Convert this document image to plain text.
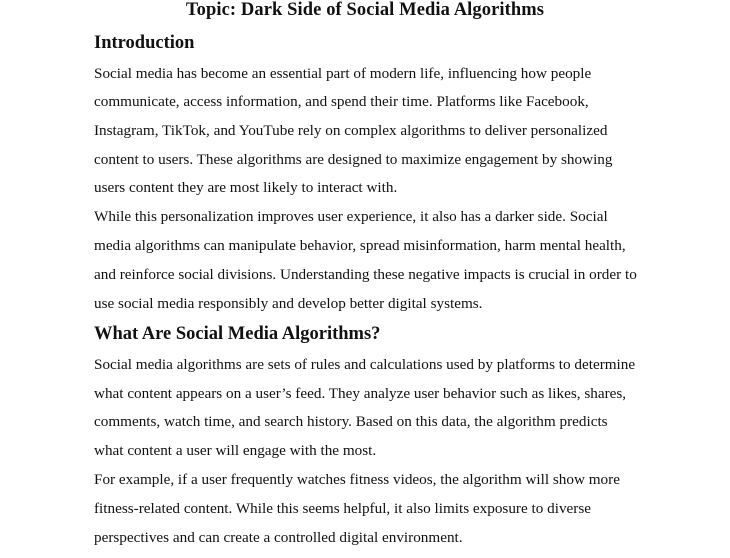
Topic: Dark Side of Social Media Algorithms
Introduction

Social media has become an essential part of modern life, influencing how people

communicate, access information, and spend their time. Platforms like Facebook,

Instagram, TikTok, and YouTube rely on complex algorithms to deliver personalized

content to users. These algorithms are designed to maximize engagement by showing

users content they are most likely to interact with.

While this personalization improves user experience, it also has a darker side. Social

media algorithms can manipulate behavior, spread misinformation, harm mental health,

and reinforce social divisions. Understanding these negative impacts is crucial in order to

use social media responsibly and develop better digital systems.

What Are Social Media Algorithms?

Social media algorithms are sets of rules and calculations used by platforms to determine

what content appears on a user’s feed. They analyze user behavior such as likes, shares,

comments, watch time, and search history. Based on this data, the algorithm predicts

what content a user will engage with the most.

For example, if a user frequently watches fitness videos, the algorithm will show more

fitness-related content. While this seems helpful, it also limits exposure to diverse

perspectives and can create a controlled digital environment.
